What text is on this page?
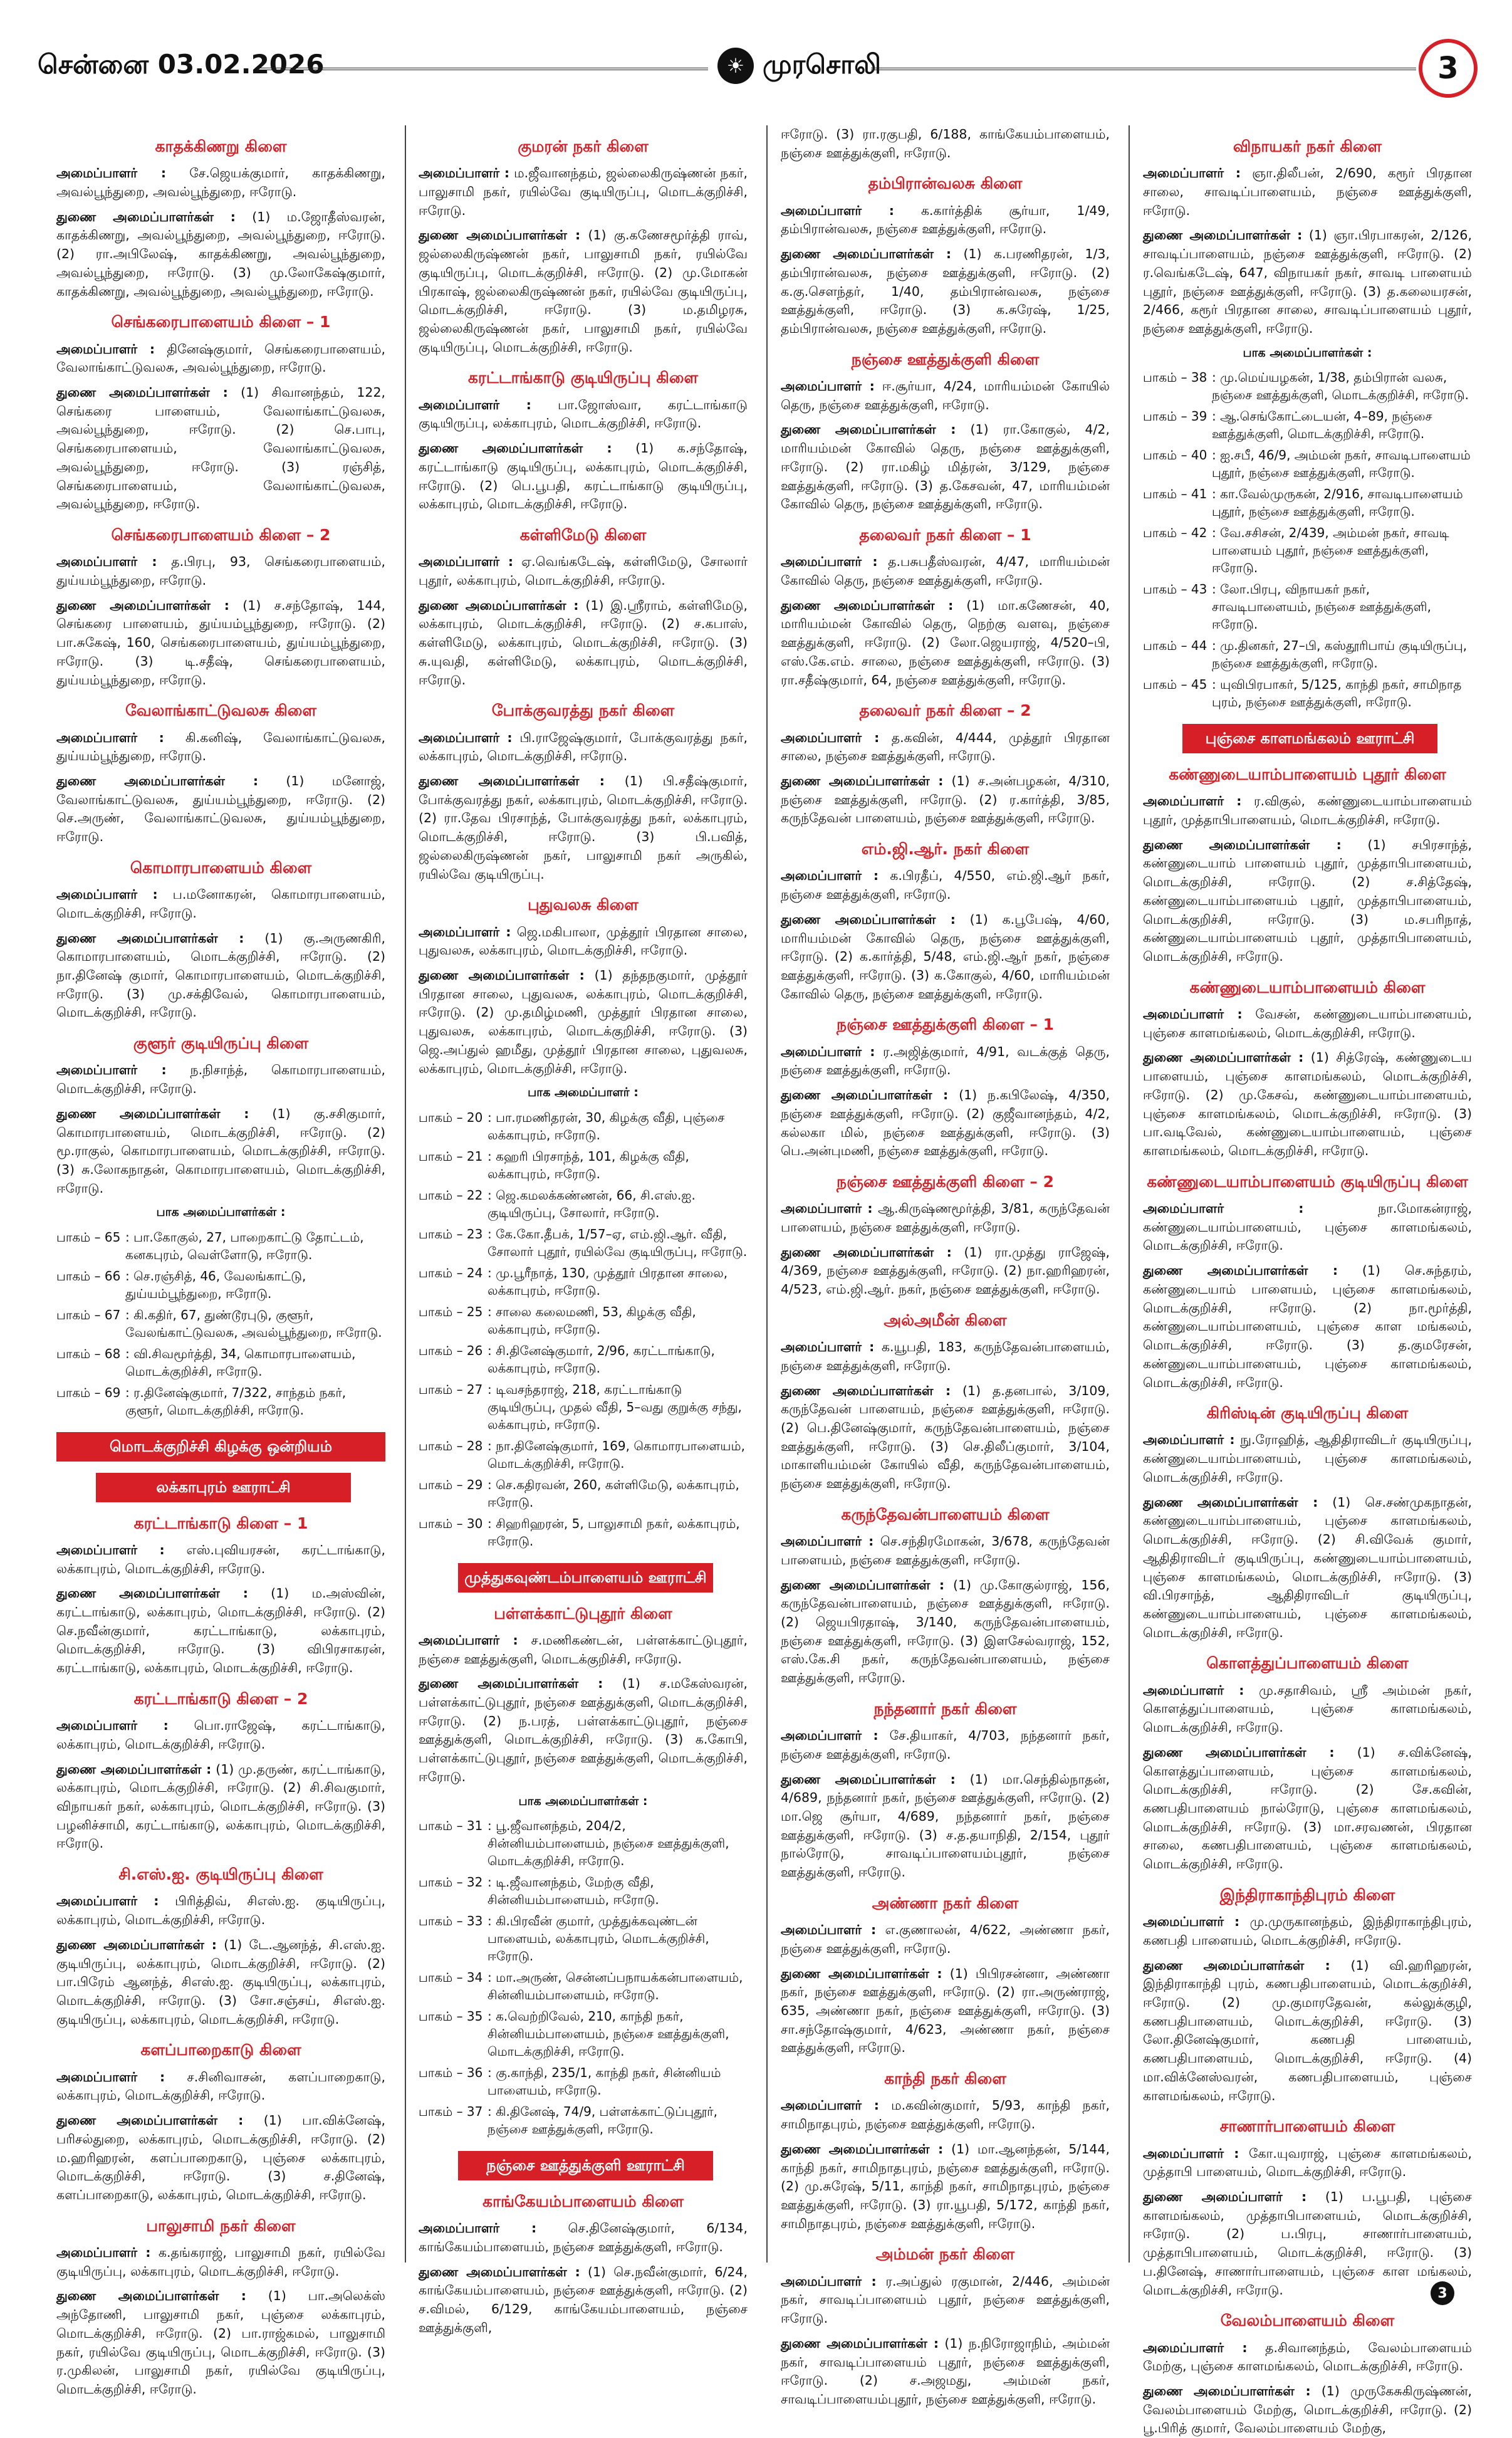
சென்னை 03.02.2026	☀ முரசொலி	3
காதக்கிணறு கிளை

அமைப்பாளர் : சே.ஜெயக்குமார், காதக்கிணறு, அவல்பூந்துறை, அவல்பூந்துறை, ஈரோடு.

துணை அமைப்பாளர்கள் : (1) ம.ஜோதீஸ்வரன், காதக்கிணறு, அவல்பூந்துறை, அவல்பூந்துறை, ஈரோடு. (2) ரா.அபிலேஷ், காதக்கிணறு, அவல்பூந்துறை, அவல்பூந்துறை, ஈரோடு. (3) மு.லோகேஷ்குமார், காதக்கிணறு, அவல்பூந்துறை, அவல்பூந்துறை, ஈரோடு.

செங்கரைபாளையம் கிளை – 1

அமைப்பாளர் : தினேஷ்குமார், செங்கரைபாளையம், வேலாங்காட்டுவலசு, அவல்பூந்துறை, ஈரோடு.

துணை அமைப்பாளர்கள் : (1) சிவானந்தம், 122, செங்கரை பாளையம், வேலாங்காட்டுவலசு, அவல்பூந்துறை, ஈரோடு. (2) செ.பாபு, செங்கரைபாளையம், வேலாங்காட்டுவலசு, அவல்பூந்துறை, ஈரோடு. (3) ரஞ்சித், செங்கரைபாளையம், வேலாங்காட்டுவலசு, அவல்பூந்துறை, ஈரோடு.

செங்கரைபாளையம் கிளை – 2

அமைப்பாளர் : த.பிரபு, 93, செங்கரைபாளையம், துய்யம்பூந்துறை, ஈரோடு.

துணை அமைப்பாளர்கள் : (1) ச.சந்தோஷ், 144, செங்கரை பாளையம், துய்யம்பூந்துறை, ஈரோடு. (2) பா.சுகேஷ், 160, செங்கரைபாளையம், துய்யம்பூந்துறை, ஈரோடு. (3) டி.சதீஷ், செங்கரைபாளையம், துய்யம்பூந்துறை, ஈரோடு.

வேலாங்காட்டுவலசு கிளை

அமைப்பாளர் : கி.கனிஷ், வேலாங்காட்டுவலசு, துய்யம்பூந்துறை, ஈரோடு.

துணை அமைப்பாளர்கள் : (1) மனோஜ், வேலாங்காட்டுவலசு, துய்யம்பூந்துறை, ஈரோடு. (2) செ.அருண், வேலாங்காட்டுவலசு, துய்யம்பூந்துறை, ஈரோடு.

கொமாரபாளையம் கிளை

அமைப்பாளர் : ப.மனோகரன், கொமாரபாளையம், மொடக்குறிச்சி, ஈரோடு.

துணை அமைப்பாளர்கள் : (1) கு.அருணகிரி, கொமாரபாளையம், மொடக்குறிச்சி, ஈரோடு. (2) நா.தினேஷ் குமார், கொமாரபாளையம், மொடக்குறிச்சி, ஈரோடு. (3) மு.சக்திவேல், கொமாரபாளையம், மொடக்குறிச்சி, ஈரோடு.

குளூர் குடியிருப்பு கிளை

அமைப்பாளர் : ந.நிசாந்த், கொமாரபாளையம், மொடக்குறிச்சி, ஈரோடு.

துணை அமைப்பாளர்கள் : (1) கு.சசிகுமார், கொமாரபாளையம், மொடக்குறிச்சி, ஈரோடு. (2) மூ.ராகுல், கொமாரபாளையம், மொடக்குறிச்சி, ஈரோடு. (3) சு.லோகநாதன், கொமாரபாளையம், மொடக்குறிச்சி, ஈரோடு.

பாக அமைப்பாளர்கள் :
பாகம் – 65	: பா.கோகுல், 27, பாறைகாட்டு தோட்டம், கனகபுரம், வெள்ளோடு, ஈரோடு.
பாகம் – 66	: செ.ரஞ்சித், 46, வேலங்காட்டு, துய்யம்பூந்துறை, ஈரோடு.
பாகம் – 67	: கி.கதிர், 67, துண்டூரபுடு, குளூர், வேலங்காட்டுவலசு, அவல்பூந்துறை, ஈரோடு.
பாகம் – 68	: வி.சிவமூர்த்தி, 34, கொமாரபாளையம், மொடக்குறிச்சி, ஈரோடு.
பாகம் – 69	: ர.தினேஷ்குமார், 7/322, சாந்தம் நகர், குளூர், மொடக்குறிச்சி, ஈரோடு.
மொடக்குறிச்சி கிழக்கு ஒன்றியம்
லக்காபுரம் ஊராட்சி
கரட்டாங்காடு கிளை – 1

அமைப்பாளர் : எஸ்.புவியரசன், கரட்டாங்காடு, லக்காபுரம், மொடக்குறிச்சி, ஈரோடு.

துணை அமைப்பாளர்கள் : (1) ம.அஸ்வின், கரட்டாங்காடு, லக்காபுரம், மொடக்குறிச்சி, ஈரோடு. (2) செ.நவீன்குமார், கரட்டாங்காடு, லக்காபுரம், மொடக்குறிச்சி, ஈரோடு. (3) விபிரசாகரன், கரட்டாங்காடு, லக்காபுரம், மொடக்குறிச்சி, ஈரோடு.

கரட்டாங்காடு கிளை – 2

அமைப்பாளர் : பொ.ராஜேஷ், கரட்டாங்காடு, லக்காபுரம், மொடக்குறிச்சி, ஈரோடு.

துணை அமைப்பாளர்கள் : (1) மு.தருண், கரட்டாங்காடு, லக்காபுரம், மொடக்குறிச்சி, ஈரோடு. (2) சி.சிவகுமார், விநாயகர் நகர், லக்காபுரம், மொடக்குறிச்சி, ஈரோடு. (3) பழனிச்சாமி, கரட்டாங்காடு, லக்காபுரம், மொடக்குறிச்சி, ஈரோடு.

சி.எஸ்.ஐ. குடியிருப்பு கிளை

அமைப்பாளர் : பிரித்திவ், சிஎஸ்.ஐ. குடியிருப்பு, லக்காபுரம், மொடக்குறிச்சி, ஈரோடு.

துணை அமைப்பாளர்கள் : (1) டே.ஆனந்த், சி.எஸ்.ஐ. குடியிருப்பு, லக்காபுரம், மொடக்குறிச்சி, ஈரோடு. (2) பா.பிரேம் ஆனந்த், சிஎஸ்.ஐ. குடியிருப்பு, லக்காபுரம், மொடக்குறிச்சி, ஈரோடு. (3) சோ.சஞ்சய், சிஎஸ்.ஐ. குடியிருப்பு, லக்காபுரம், மொடக்குறிச்சி, ஈரோடு.

களப்பாறைகாடு கிளை

அமைப்பாளர் : ச.சினிவாசன், களப்பாறைகாடு, லக்காபுரம், மொடக்குறிச்சி, ஈரோடு.

துணை அமைப்பாளர்கள் : (1) பா.விக்னேஷ், பரிசல்துறை, லக்காபுரம், மொடக்குறிச்சி, ஈரோடு. (2) ம.ஹரிஹரன், களப்பாறைகாடு, புஞ்சை லக்காபுரம், மொடக்குறிச்சி, ஈரோடு. (3) ச.தினேஷ், களப்பாறைகாடு, லக்காபுரம், மொடக்குறிச்சி, ஈரோடு.

பாலுசாமி நகர் கிளை

அமைப்பாளர் : க.தங்கராஜ், பாலுசாமி நகர், ரயில்வே குடியிருப்பு, லக்காபுரம், மொடக்குறிச்சி, ஈரோடு.

துணை அமைப்பாளர்கள் : (1) பா.அலெக்ஸ் அந்தோணி, பாலுசாமி நகர், புஞ்சை லக்காபுரம், மொடக்குறிச்சி, ஈரோடு. (2) பா.ராஜ்கமல், பாலுசாமி நகர், ரயில்வே குடியிருப்பு, மொடக்குறிச்சி, ஈரோடு. (3) ர.முகிலன், பாலுசாமி நகர், ரயில்வே குடியிருப்பு, மொடக்குறிச்சி, ஈரோடு.

குமரன் நகர் கிளை

அமைப்பாளர் : ம.ஜீவானந்தம், ஜல்லைகிருஷ்ணன் நகர், பாலுசாமி நகர், ரயில்வே குடியிருப்பு, மொடக்குறிச்சி, ஈரோடு.

துணை அமைப்பாளர்கள் : (1) கு.கணேசமூர்த்தி ராவ், ஜல்லைகிருஷ்ணன் நகர், பாலுசாமி நகர், ரயில்வே குடியிருப்பு, மொடக்குறிச்சி, ஈரோடு. (2) மு.மோகன் பிரகாஷ், ஜல்லைகிருஷ்ணன் நகர், ரயில்வே குடியிருப்பு, மொடக்குறிச்சி, ஈரோடு. (3) ம.தமிழரசு, ஜல்லைகிருஷ்ணன் நகர், பாலுசாமி நகர், ரயில்வே குடியிருப்பு, மொடக்குறிச்சி, ஈரோடு.

கரட்டாங்காடு குடியிருப்பு கிளை

அமைப்பாளர் : பா.ஜோஸ்வா, கரட்டாங்காடு குடியிருப்பு, லக்காபுரம், மொடக்குறிச்சி, ஈரோடு.

துணை அமைப்பாளர்கள் : (1) க.சந்தோஷ், கரட்டாங்காடு குடியிருப்பு, லக்காபுரம், மொடக்குறிச்சி, ஈரோடு. (2) பெ.பூபதி, கரட்டாங்காடு குடியிருப்பு, லக்காபுரம், மொடக்குறிச்சி, ஈரோடு.

கள்ளிமேடு கிளை

அமைப்பாளர் : ஏ.வெங்கடேஷ், கள்ளிமேடு, சோலார் புதூர், லக்காபுரம், மொடக்குறிச்சி, ஈரோடு.

துணை அமைப்பாளர்கள் : (1) இ.ஸ்ரீராம், கள்ளிமேடு, லக்காபுரம், மொடக்குறிச்சி, ஈரோடு. (2) ச.கபாஸ், கள்ளிமேடு, லக்காபுரம், மொடக்குறிச்சி, ஈரோடு. (3) சு.யுவதி, கள்ளிமேடு, லக்காபுரம், மொடக்குறிச்சி, ஈரோடு.

போக்குவரத்து நகர் கிளை

அமைப்பாளர் : பி.ராஜேஷ்குமார், போக்குவரத்து நகர், லக்காபுரம், மொடக்குறிச்சி, ஈரோடு.

துணை அமைப்பாளர்கள் : (1) பி.சதீஷ்குமார், போக்குவரத்து நகர், லக்காபுரம், மொடக்குறிச்சி, ஈரோடு. (2) ரா.தேவ பிரசாந்த், போக்குவரத்து நகர், லக்காபுரம், மொடக்குறிச்சி, ஈரோடு. (3) பி.பவித், ஜல்லைகிருஷ்ணன் நகர், பாலுசாமி நகர் அருகில், ரயில்வே குடியிருப்பு.

புதுவலசு கிளை

அமைப்பாளர் : ஜெ.மகிபாலா, முத்தூர் பிரதான சாலை, புதுவலசு, லக்காபுரம், மொடக்குறிச்சி, ஈரோடு.

துணை அமைப்பாளர்கள் : (1) தந்தநகுமார், முத்தூர் பிரதான சாலை, புதுவலசு, லக்காபுரம், மொடக்குறிச்சி, ஈரோடு. (2) மு.தமிழ்மணி, முத்தூர் பிரதான சாலை, புதுவலசு, லக்காபுரம், மொடக்குறிச்சி, ஈரோடு. (3) ஜெ.அப்துல் ஹமீது, முத்தூர் பிரதான சாலை, புதுவலசு, லக்காபுரம், மொடக்குறிச்சி, ஈரோடு.

பாக அமைப்பாளர் :
பாகம் – 20	: பா.ரமணிதரன், 30, கிழக்கு வீதி, புஞ்சை லக்காபுரம், ஈரோடு.
பாகம் – 21	: கஹரி பிரசாந்த், 101, கிழக்கு வீதி, லக்காபுரம், ஈரோடு.
பாகம் – 22	: ஜெ.கமலக்கண்ணன், 66, சி.எஸ்.ஐ. குடியிருப்பு, சோலார், ஈரோடு.
பாகம் – 23	: கே.கோ.தீபக், 1/57–ஏ, எம்.ஜி.ஆர். வீதி, சோலார் புதூர், ரயில்வே குடியிருப்பு, ஈரோடு.
பாகம் – 24	: மு.பூரீநாத், 130, முத்தூர் பிரதான சாலை, லக்காபுரம், ஈரோடு.
பாகம் – 25	: சாலை கலைமணி, 53, கிழக்கு வீதி, லக்காபுரம், ஈரோடு.
பாகம் – 26	: சி.தினேஷ்குமார், 2/96, கரட்டாங்காடு, லக்காபுரம், ஈரோடு.
பாகம் – 27	: டிவசந்தராஜ், 218, கரட்டாங்காடு குடியிருப்பு, முதல் வீதி, 5–வது குறுக்கு சந்து, லக்காபுரம், ஈரோடு.
பாகம் – 28	: நா.தினேஷ்குமார், 169, கொமாரபாளையம், மொடக்குறிச்சி, ஈரோடு.
பாகம் – 29	: செ.கதிரவன், 260, கள்ளிமேடு, லக்காபுரம், ஈரோடு.
பாகம் – 30	: சிஹரிஹரன், 5, பாலுசாமி நகர், லக்காபுரம், ஈரோடு.
முத்துகவுண்டம்பாளையம் ஊராட்சி
பள்ளக்காட்டுபுதூர் கிளை

அமைப்பாளர் : ச.மணிகண்டன், பள்ளக்காட்டுபுதூர், நஞ்சை ஊத்துக்குளி, மொடக்குறிச்சி, ஈரோடு.

துணை அமைப்பாளர்கள் : (1) ச.மகேஸ்வரன், பள்ளக்காட்டுபுதூர், நஞ்சை ஊத்துக்குளி, மொடக்குறிச்சி, ஈரோடு. (2) ந.பரத், பள்ளக்காட்டுபுதூர், நஞ்சை ஊத்துக்குளி, மொடக்குறிச்சி, ஈரோடு. (3) க.கோபி, பள்ளக்காட்டுபுதூர், நஞ்சை ஊத்துக்குளி, மொடக்குறிச்சி, ஈரோடு.

பாக அமைப்பாளர்கள் :
பாகம் – 31	: பூ.ஜீவானந்தம், 204/2, சின்னியம்பாளையம், நஞ்சை ஊத்துக்குளி, மொடக்குறிச்சி, ஈரோடு.
பாகம் – 32	: டி.ஜீவானந்தம், மேற்கு வீதி, சின்னியம்பாளையம், ஈரோடு.
பாகம் – 33	: கி.பிரவீன் குமார், முத்துக்கவுண்டன் பாளையம், லக்காபுரம், மொடக்குறிச்சி, ஈரோடு.
பாகம் – 34	: மா.அருண், சென்னப்பநாயக்கன்பாளையம், சின்னியம்பாளையம், ஈரோடு.
பாகம் – 35	: க.வெற்றிவேல், 210, காந்தி நகர், சின்னியம்பாளையம், நஞ்சை ஊத்துக்குளி, மொடக்குறிச்சி, ஈரோடு.
பாகம் – 36	: கு.காந்தி, 235/1, காந்தி நகர், சின்னியம் பாளையம், ஈரோடு.
பாகம் – 37	: கி.தினேஷ், 74/9, பள்ளக்காட்டுப்புதூர், நஞ்சை ஊத்துக்குளி, ஈரோடு.
நஞ்சை ஊத்துக்குளி ஊராட்சி
காங்கேயம்பாளையம் கிளை

அமைப்பாளர் : செ.தினேஷ்குமார், 6/134, காங்கேயம்பாளையம், நஞ்சை ஊத்துக்குளி, ஈரோடு.

துணை அமைப்பாளர்கள் : (1) செ.நவீன்குமார், 6/24, காங்கேயம்பாளையம், நஞ்சை ஊத்துக்குளி, ஈரோடு. (2) ச.விமல், 6/129, காங்கேயம்பாளையம், நஞ்சை ஊத்துக்குளி,

ஈரோடு. (3) ரா.ரகுபதி, 6/188, காங்கேயம்பாளையம், நஞ்சை ஊத்துக்குளி, ஈரோடு.

தம்பிரான்வலசு கிளை

அமைப்பாளர் : க.கார்த்திக் சூர்யா, 1/49, தம்பிரான்வலசு, நஞ்சை ஊத்துக்குளி, ஈரோடு.

துணை அமைப்பாளர்கள் : (1) க.பரணிதரன், 1/3, தம்பிரான்வலசு, நஞ்சை ஊத்துக்குளி, ஈரோடு. (2) க.கு.சௌந்தர், 1/40, தம்பிரான்வலசு, நஞ்சை ஊத்துக்குளி, ஈரோடு. (3) க.சுரேஷ், 1/25, தம்பிரான்வலசு, நஞ்சை ஊத்துக்குளி, ஈரோடு.

நஞ்சை ஊத்துக்குளி கிளை

அமைப்பாளர் : ஈ.சூர்யா, 4/24, மாரியம்மன் கோயில் தெரு, நஞ்சை ஊத்துக்குளி, ஈரோடு.

துணை அமைப்பாளர்கள் : (1) ரா.கோகுல், 4/2, மாரியம்மன் கோவில் தெரு, நஞ்சை ஊத்துக்குளி, ஈரோடு. (2) ரா.மகிழ் மித்ரன், 3/129, நஞ்சை ஊத்துக்குளி, ஈரோடு. (3) த.கேசவன், 47, மாரியம்மன் கோவில் தெரு, நஞ்சை ஊத்துக்குளி, ஈரோடு.

தலைவர் நகர் கிளை – 1

அமைப்பாளர் : த.பசுபதீஸ்வரன், 4/47, மாரியம்மன் கோவில் தெரு, நஞ்சை ஊத்துக்குளி, ஈரோடு.

துணை அமைப்பாளர்கள் : (1) மா.கணேசன், 40, மாரியம்மன் கோவில் தெரு, நெற்கு வளவு, நஞ்சை ஊத்துக்குளி, ஈரோடு. (2) லோ.ஜெயராஜ், 4/520–பி, எஸ்.கே.எம். சாலை, நஞ்சை ஊத்துக்குளி, ஈரோடு. (3) ரா.சதீஷ்குமார், 64, நஞ்சை ஊத்துக்குளி, ஈரோடு.

தலைவர் நகர் கிளை – 2

அமைப்பாளர் : த.கவின், 4/444, முத்தூர் பிரதான சாலை, நஞ்சை ஊத்துக்குளி, ஈரோடு.

துணை அமைப்பாளர்கள் : (1) ச.அன்பழகன், 4/310, நஞ்சை ஊத்துக்குளி, ஈரோடு. (2) ர.கார்த்தி, 3/85, கருந்தேவன் பாளையம், நஞ்சை ஊத்துக்குளி, ஈரோடு.

எம்.ஜி.ஆர். நகர் கிளை

அமைப்பாளர் : க.பிரதீப், 4/550, எம்.ஜி.ஆர் நகர், நஞ்சை ஊத்துக்குளி, ஈரோடு.

துணை அமைப்பாளர்கள் : (1) க.பூபேஷ், 4/60, மாரியம்மன் கோவில் தெரு, நஞ்சை ஊத்துக்குளி, ஈரோடு. (2) க.கார்த்தி, 5/48, எம்.ஜி.ஆர் நகர், நஞ்சை ஊத்துக்குளி, ஈரோடு. (3) க.கோகுல், 4/60, மாரியம்மன் கோவில் தெரு, நஞ்சை ஊத்துக்குளி, ஈரோடு.

நஞ்சை ஊத்துக்குளி கிளை – 1

அமைப்பாளர் : ர.அஜித்குமார், 4/91, வடக்குத் தெரு, நஞ்சை ஊத்துக்குளி, ஈரோடு.

துணை அமைப்பாளர்கள் : (1) ந.கபிலேஷ், 4/350, நஞ்சை ஊத்துக்குளி, ஈரோடு. (2) குஜீவானந்தம், 4/2, கல்லகா மில், நஞ்சை ஊத்துக்குளி, ஈரோடு. (3) பெ.அன்புமணி, நஞ்சை ஊத்துக்குளி, ஈரோடு.

நஞ்சை ஊத்துக்குளி கிளை – 2

அமைப்பாளர் : ஆ.கிருஷ்ணமூர்த்தி, 3/81, கருந்தேவன் பாளையம், நஞ்சை ஊத்துக்குளி, ஈரோடு.

துணை அமைப்பாளர்கள் : (1) ரா.முத்து ராஜேஷ், 4/369, நஞ்சை ஊத்துக்குளி, ஈரோடு. (2) நா.ஹரிஹரன், 4/523, எம்.ஜி.ஆர். நகர், நஞ்சை ஊத்துக்குளி, ஈரோடு.

அல்அமீன் கிளை

அமைப்பாளர் : க.யூபதி, 183, கருந்தேவன்பாளையம், நஞ்சை ஊத்துக்குளி, ஈரோடு.

துணை அமைப்பாளர்கள் : (1) த.தனபால், 3/109, கருந்தேவன் பாளையம், நஞ்சை ஊத்துக்குளி, ஈரோடு. (2) பெ.தினேஷ்குமார், கருந்தேவன்பாளையம், நஞ்சை ஊத்துக்குளி, ஈரோடு. (3) செ.திலீப்குமார், 3/104, மாகாளியம்மன் கோயில் வீதி, கருந்தேவன்பாளையம், நஞ்சை ஊத்துக்குளி, ஈரோடு.

கருந்தேவன்பாளையம் கிளை

அமைப்பாளர் : செ.சந்திரமோகன், 3/678, கருந்தேவன் பாளையம், நஞ்சை ஊத்துக்குளி, ஈரோடு.

துணை அமைப்பாளர்கள் : (1) மு.கோகுல்ராஜ், 156, கருந்தேவன்பாளையம், நஞ்சை ஊத்துக்குளி, ஈரோடு. (2) ஜெயபிரதாஷ், 3/140, கருந்தேவன்பாளையம், நஞ்சை ஊத்துக்குளி, ஈரோடு. (3) இளசேல்வராஜ், 152, எஸ்.கே.சி நகர், கருந்தேவன்பாளையம், நஞ்சை ஊத்துக்குளி, ஈரோடு.

நந்தனார் நகர் கிளை

அமைப்பாளர் : சே.தியாகர், 4/703, நந்தனார் நகர், நஞ்சை ஊத்துக்குளி, ஈரோடு.

துணை அமைப்பாளர்கள் : (1) மா.செந்தில்நாதன், 4/689, நந்தனார் நகர், நஞ்சை ஊத்துக்குளி, ஈரோடு. (2) மா.ஜெ சூர்யா, 4/689, நந்தனார் நகர், நஞ்சை ஊத்துக்குளி, ஈரோடு. (3) ச.த.தயாநிதி, 2/154, புதூர் நால்ரோடு, சாவடிப்பாளையம்புதூர், நஞ்சை ஊத்துக்குளி, ஈரோடு.

அண்ணா நகர் கிளை

அமைப்பாளர் : எ.குணாலன், 4/622, அண்ணா நகர், நஞ்சை ஊத்துக்குளி, ஈரோடு.

துணை அமைப்பாளர்கள் : (1) பிபிரசன்னா, அண்ணா நகர், நஞ்சை ஊத்துக்குளி, ஈரோடு. (2) ரா.அருண்ராஜ், 635, அண்ணா நகர், நஞ்சை ஊத்துக்குளி, ஈரோடு. (3) சா.சந்தோஷ்குமார், 4/623, அண்ணா நகர், நஞ்சை ஊத்துக்குளி, ஈரோடு.

காந்தி நகர் கிளை

அமைப்பாளர் : ம.கவின்குமார், 5/93, காந்தி நகர், சாமிநாதபுரம், நஞ்சை ஊத்துக்குளி, ஈரோடு.

துணை அமைப்பாளர்கள் : (1) மா.ஆனந்தன், 5/144, காந்தி நகர், சாமிநாதபுரம், நஞ்சை ஊத்துக்குளி, ஈரோடு. (2) மு.சுரேஷ், 5/11, காந்தி நகர், சாமிநாதபுரம், நஞ்சை ஊத்துக்குளி, ஈரோடு. (3) ரா.யூபதி, 5/172, காந்தி நகர், சாமிநாதபுரம், நஞ்சை ஊத்துக்குளி, ஈரோடு.

அம்மன் நகர் கிளை

அமைப்பாளர் : ர.அப்துல் ரகுமான், 2/446, அம்மன் நகர், சாவடிப்பாளையம் புதூர், நஞ்சை ஊத்துக்குளி, ஈரோடு.

துணை அமைப்பாளர்கள் : (1) ந.நிரோஜாநிம், அம்மன் நகர், சாவடிப்பாளையம் புதூர், நஞ்சை ஊத்துக்குளி, ஈரோடு. (2) ச.அஜமது, அம்மன் நகர், சாவடிப்பாளையம்புதூர், நஞ்சை ஊத்துக்குளி, ஈரோடு.

விநாயகர் நகர் கிளை

அமைப்பாளர் : ஞா.திலீபன், 2/690, கரூர் பிரதான சாலை, சாவடிப்பாளையம், நஞ்சை ஊத்துக்குளி, ஈரோடு.

துணை அமைப்பாளர்கள் : (1) ஞா.பிரபாகரன், 2/126, சாவடிப்பாளையம், நஞ்சை ஊத்துக்குளி, ஈரோடு. (2) ர.வெங்கடேஷ், 647, விநாயகர் நகர், சாவடி பாளையம் புதூர், நஞ்சை ஊத்துக்குளி, ஈரோடு. (3) த.கலையரசன், 2/466, கரூர் பிரதான சாலை, சாவடிப்பாளையம் புதூர், நஞ்சை ஊத்துக்குளி, ஈரோடு.

பாக அமைப்பாளர்கள் :
பாகம் – 38	: மு.மெய்யழகன், 1/38, தம்பிரான் வலசு, நஞ்சை ஊத்துக்குளி, மொடக்குறிச்சி, ஈரோடு.
பாகம் – 39	: ஆ.செங்கோட்டையன், 4–89, நஞ்சை ஊத்துக்குளி, மொடக்குறிச்சி, ஈரோடு.
பாகம் – 40	: ஐ.சபீ, 46/9, அம்மன் நகர், சாவடிபாளையம் புதூர், நஞ்சை ஊத்துக்குளி, ஈரோடு.
பாகம் – 41	: கா.வேல்முருகன், 2/916, சாவடிபாளையம் புதூர், நஞ்சை ஊத்துக்குளி, ஈரோடு.
பாகம் – 42	: வே.சசிசன், 2/439, அம்மன் நகர், சாவடி பாளையம் புதூர், நஞ்சை ஊத்துக்குளி, ஈரோடு.
பாகம் – 43	: லோ.பிரபு, விநாயகர் நகர், சாவடிபாளையம், நஞ்சை ஊத்துக்குளி, ஈரோடு.
பாகம் – 44	: மு.தினகர், 27–பி, கஸ்தூரிபாய் குடியிருப்பு, நஞ்சை ஊத்துக்குளி, ஈரோடு.
பாகம் – 45	: யுவிபிரபாகர், 5/125, காந்தி நகர், சாமிநாத புரம், நஞ்சை ஊத்துக்குளி, ஈரோடு.
புஞ்சை காளமங்கலம் ஊராட்சி
கண்ணுடையாம்பாளையம் புதூர் கிளை

அமைப்பாளர் : ர.விகுல், கண்ணுடையாம்பாளையம் புதூர், முத்தாபிபாளையம், மொடக்குறிச்சி, ஈரோடு.

துணை அமைப்பாளர்கள் : (1) சபிரசாந்த், கண்ணுடையாம் பாளையம் புதூர், முத்தாபிபாளையம், மொடக்குறிச்சி, ஈரோடு. (2) ச.சித்தேஷ், கண்ணுடையாம்பாளையம் புதூர், முத்தாபிபாளையம், மொடக்குறிச்சி, ஈரோடு. (3) ம.சபரிநாத், கண்ணுடையாம்பாளையம் புதூர், முத்தாபிபாளையம், மொடக்குறிச்சி, ஈரோடு.

கண்ணுடையாம்பாளையம் கிளை

அமைப்பாளர் : வேசன், கண்ணுடையாம்பாளையம், புஞ்சை காளமங்கலம், மொடக்குறிச்சி, ஈரோடு.

துணை அமைப்பாளர்கள் : (1) சித்ரேஷ், கண்ணுடைய பாளையம், புஞ்சை காளமங்கலம், மொடக்குறிச்சி, ஈரோடு. (2) மு.கேசவ், கண்ணுடையாம்பாளையம், புஞ்சை காளமங்கலம், மொடக்குறிச்சி, ஈரோடு. (3) பா.வடிவேல், கண்ணுடையாம்பாளையம், புஞ்சை காளமங்கலம், மொடக்குறிச்சி, ஈரோடு.

கண்ணுடையாம்பாளையம் குடியிருப்பு கிளை

அமைப்பாளர் :	நா.மோகன்ராஜ், கண்ணுடையாம்பாளையம், புஞ்சை காளமங்கலம், மொடக்குறிச்சி, ஈரோடு.

துணை அமைப்பாளர்கள் : (1) செ.சுந்தரம், கண்ணுடையாம் பாளையம், புஞ்சை காளமங்கலம், மொடக்குறிச்சி, ஈரோடு. (2) நா.மூர்த்தி, கண்ணுடையாம்பாளையம், புஞ்சை காள மங்கலம், மொடக்குறிச்சி, ஈரோடு. (3) த.குமரேசன், கண்ணுடையாம்பாளையம், புஞ்சை காளமங்கலம், மொடக்குறிச்சி, ஈரோடு.

கிரிஸ்டின் குடியிருப்பு கிளை

அமைப்பாளர் : நு.ரோஹித், ஆதிதிராவிடர் குடியிருப்பு, கண்ணுடையாம்பாளையம், புஞ்சை காளமங்கலம், மொடக்குறிச்சி, ஈரோடு.

துணை அமைப்பாளர்கள் : (1) செ.சண்முகநாதன், கண்ணுடையாம்பாளையம், புஞ்சை காளமங்கலம், மொடக்குறிச்சி, ஈரோடு. (2) சி.விவேக் குமார், ஆதிதிராவிடர் குடியிருப்பு, கண்ணுடையாம்பாளையம், புஞ்சை காளமங்கலம், மொடக்குறிச்சி, ஈரோடு. (3) வி.பிரசாந்த், ஆதிதிராவிடர் குடியிருப்பு, கண்ணுடையாம்பாளையம், புஞ்சை காளமங்கலம், மொடக்குறிச்சி, ஈரோடு.

கொளத்துப்பாளையம் கிளை

அமைப்பாளர் : மு.சதாசிவம், ஸ்ரீ அம்மன் நகர், கொளத்துப்பாளையம், புஞ்சை காளமங்கலம், மொடக்குறிச்சி, ஈரோடு.

துணை அமைப்பாளர்கள் : (1) ச.விக்னேஷ், கொளத்துப்பாளையம், புஞ்சை காளமங்கலம், மொடக்குறிச்சி, ஈரோடு. (2) சே.கவின், கணபதிபாளையம் நால்ரோடு, புஞ்சை காளமங்கலம், மொடக்குறிச்சி, ஈரோடு. (3) மா.சரவணன், பிரதான சாலை, கணபதிபாளையம், புஞ்சை காளமங்கலம், மொடக்குறிச்சி, ஈரோடு.

இந்திராகாந்திபுரம் கிளை

அமைப்பாளர் : மு.முருகானந்தம், இந்திராகாந்திபுரம், கணபதி பாளையம், மொடக்குறிச்சி, ஈரோடு.

துணை அமைப்பாளர்கள் : (1) வி.ஹரிஹரன், இந்திராகாந்தி புரம், கணபதிபாளையம், மொடக்குறிச்சி, ஈரோடு. (2) மு.குமாரதேவன், கல்லுக்குழி, கணபதிபாளையம், மொடக்குறிச்சி, ஈரோடு. (3) லோ.தினேஷ்குமார், கணபதி பாளையம், கணபதிபாளையம், மொடக்குறிச்சி, ஈரோடு. (4) மா.விக்னேஸ்வரன், கணபதிபாளையம், புஞ்சை காளமங்கலம், ஈரோடு.

சாணார்பாளையம் கிளை

அமைப்பாளர் : கோ.யுவராஜ், புஞ்சை காளமங்கலம், முத்தாபி பாளையம், மொடக்குறிச்சி, ஈரோடு.

துணை அமைப்பாளர் : (1) ப.பூபதி, புஞ்சை காளமங்கலம், முத்தாபிபாளையம், மொடக்குறிச்சி, ஈரோடு. (2) ப.பிரபு, சாணார்பாளையம், முத்தாபிபாளையம், மொடக்குறிச்சி, ஈரோடு. (3) ப.தினேஷ், சாணார்பாளையம், புஞ்சை காள மங்கலம், மொடக்குறிச்சி, ஈரோடு.

வேலம்பாளையம் கிளை

அமைப்பாளர் : த.சிவானந்தம், வேலம்பாளையம் மேற்கு, புஞ்சை காளமங்கலம், மொடக்குறிச்சி, ஈரோடு.

துணை அமைப்பாளர்கள் : (1) முருகேசுகிருஷ்ணன், வேலம்பாளையம் மேற்கு, மொடக்குறிச்சி, ஈரோடு. (2) பூ.பிரித் குமார், வேலம்பாளையம் மேற்கு,

3
